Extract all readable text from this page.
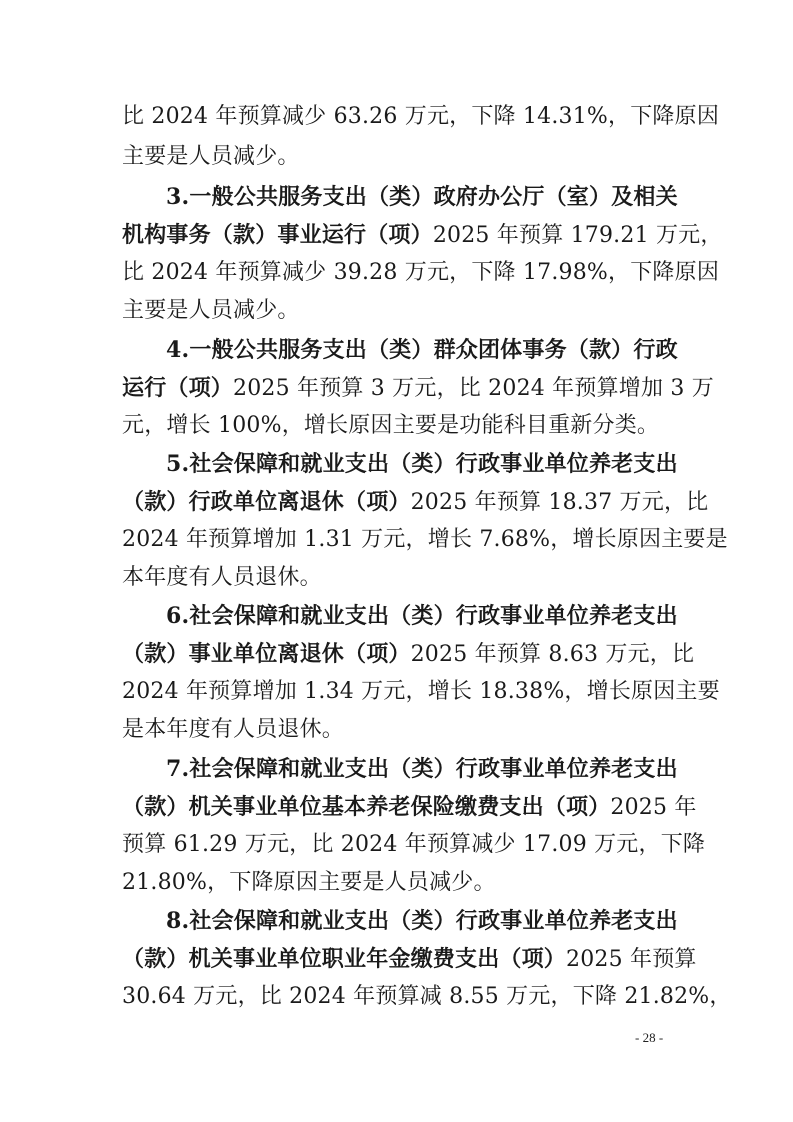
比 2024 年预算减少 63.26 万元，下降 14.31%，下降原因
主要是人员减少。
3.一般公共服务支出（类）政府办公厅（室）及相关
机构事务（款）事业运行（项）2025 年预算 179.21 万元，
比 2024 年预算减少 39.28 万元，下降 17.98%，下降原因
主要是人员减少。
4.一般公共服务支出（类）群众团体事务（款）行政
运行（项）2025 年预算 3 万元，比 2024 年预算增加 3 万
元，增长 100%，增长原因主要是功能科目重新分类。
5.社会保障和就业支出（类）行政事业单位养老支出
（款）行政单位离退休（项）2025 年预算 18.37 万元，比
2024 年预算增加 1.31 万元，增长 7.68%，增长原因主要是
本年度有人员退休。
6.社会保障和就业支出（类）行政事业单位养老支出
（款）事业单位离退休（项）2025 年预算 8.63 万元，比
2024 年预算增加 1.34 万元，增长 18.38%，增长原因主要
是本年度有人员退休。
7.社会保障和就业支出（类）行政事业单位养老支出
（款）机关事业单位基本养老保险缴费支出（项）2025 年
预算 61.29 万元，比 2024 年预算减少 17.09 万元，下降
21.80%，下降原因主要是人员减少。
8.社会保障和就业支出（类）行政事业单位养老支出
（款）机关事业单位职业年金缴费支出（项）2025 年预算
30.64 万元，比 2024 年预算减 8.55 万元，下降 21.82%，
- 28 -
